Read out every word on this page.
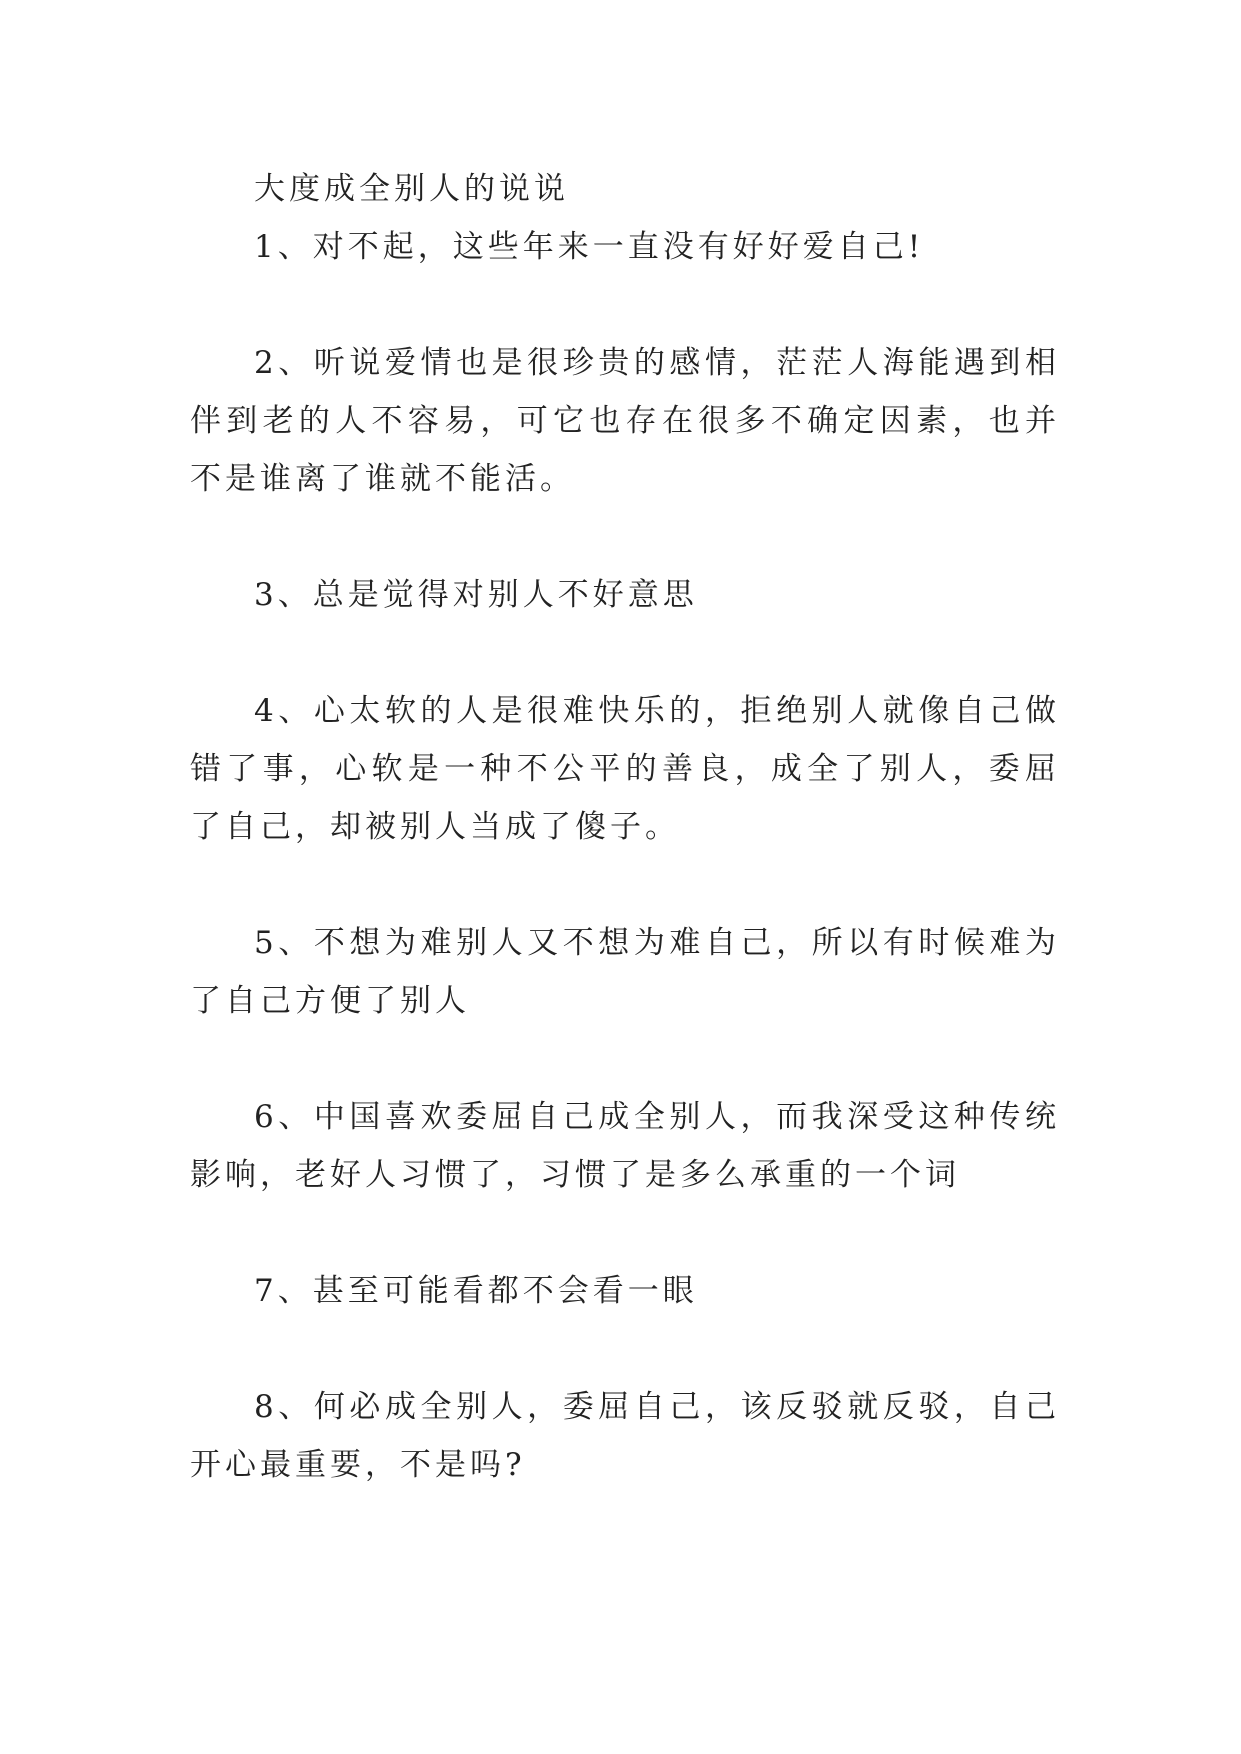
大度成全别人的说说

1、对不起，这些年来一直没有好好爱自己!

2、听说爱情也是很珍贵的感情，茫茫人海能遇到相伴到老的人不容易，可它也存在很多不确定因素，也并不是谁离了谁就不能活。

3、总是觉得对别人不好意思

4、心太软的人是很难快乐的，拒绝别人就像自己做错了事，心软是一种不公平的善良，成全了别人，委屈了自己，却被别人当成了傻子。

5、不想为难别人又不想为难自己，所以有时候难为了自己方便了别人

6、中国喜欢委屈自己成全别人，而我深受这种传统影响，老好人习惯了，习惯了是多么承重的一个词

7、甚至可能看都不会看一眼

8、何必成全别人，委屈自己，该反驳就反驳，自己开心最重要，不是吗?
